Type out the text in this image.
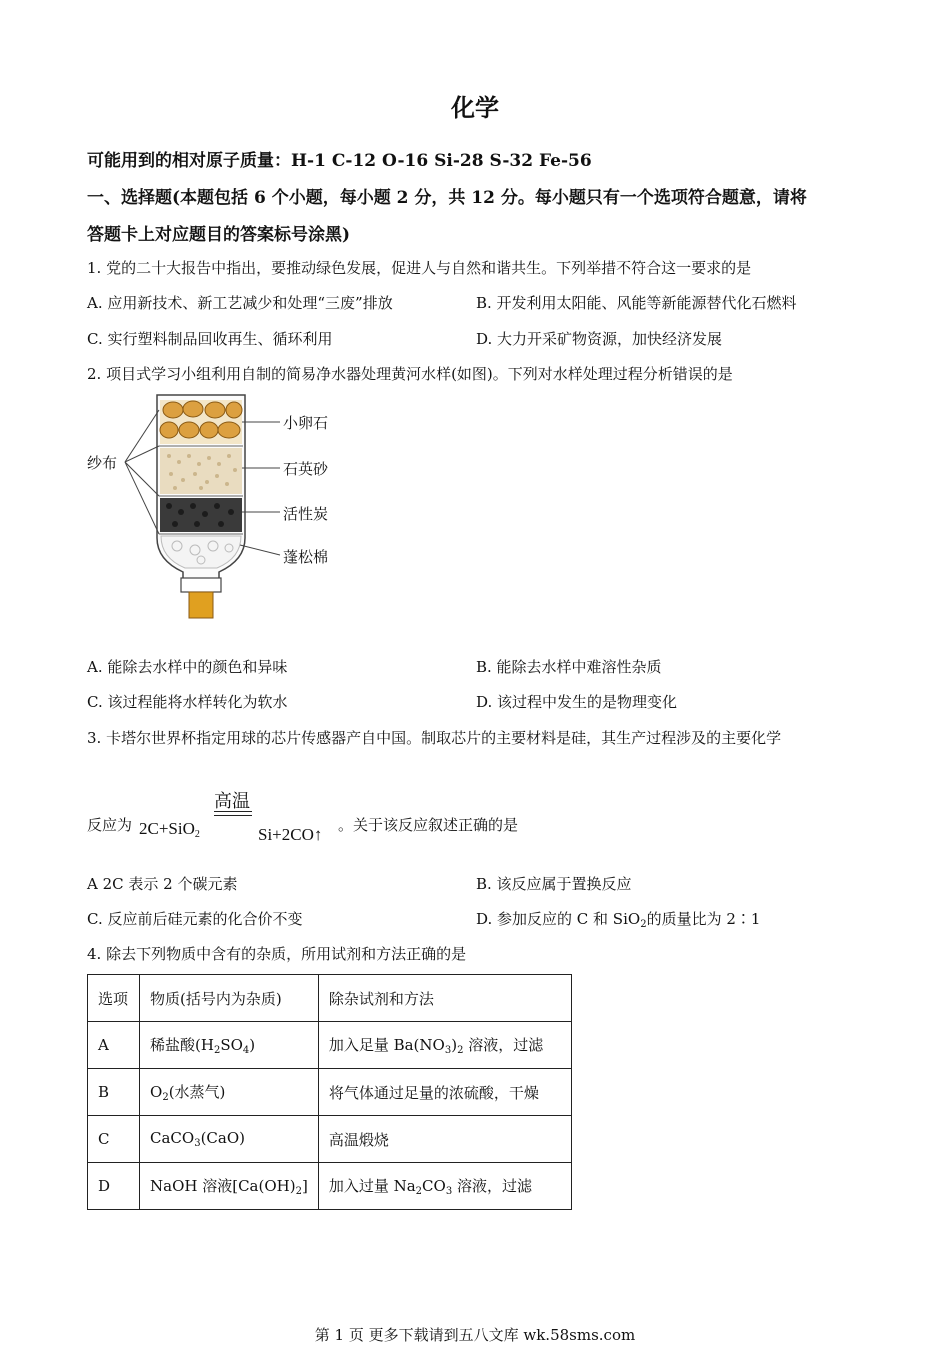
化学
可能用到的相对原子质量：H-1 C-12 O-16 Si-28 S-32 Fe-56
一、选择题(本题包括 6 个小题，每小题 2 分，共 12 分。每小题只有一个选项符合题意，请将
答题卡上对应题目的答案标号涂黑)
1. 党的二十大报告中指出，要推动绿色发展，促进人与自然和谐共生。下列举措不符合这一要求的是
A. 应用新技术、新工艺减少和处理“三废”排放	B. 开发利用太阳能、风能等新能源替代化石燃料
C. 实行塑料制品回收再生、循环利用	D. 大力开采矿物资源，加快经济发展
2. 项目式学习小组利用自制的简易净水器处理黄河水样(如图)。下列对水样处理过程分析错误的是
纱布
小卵石
石英砂
活性炭
蓬松棉
A. 能除去水样中的颜色和异味	B. 能除去水样中难溶性杂质
C. 该过程能将水样转化为软水	D. 该过程中发生的是物理变化
3. 卡塔尔世界杯指定用球的芯片传感器产自中国。制取芯片的主要材料是硅，其生产过程涉及的主要化学
反应为 2C+SiO$_2$
高温
Si+2CO↑ 。关于该反应叙述正确的是
A 2C 表示 2 个碳元素	B. 该反应属于置换反应
C. 反应前后硅元素的化合价不变	D. 参加反应的 C 和 SiO$_2$的质量比为 2∶1
4. 除去下列物质中含有的杂质，所用试剂和方法正确的是
选项	物质(括号内为杂质)	除杂试剂和方法
A	稀盐酸$(H_2SO_4)$	加入足量 $Ba(NO_3)_2$ 溶液，过滤
B	$O_2$(水蒸气)	将气体通过足量的浓硫酸，干燥
C	CaCO$_3$(CaO)	高温煅烧
D	NaOH 溶液$[Ca(OH)_2]$	加入过量 $Na_2CO_3$ 溶液，过滤
第 1 页 更多下载请到五八文库 wk.58sms.com
